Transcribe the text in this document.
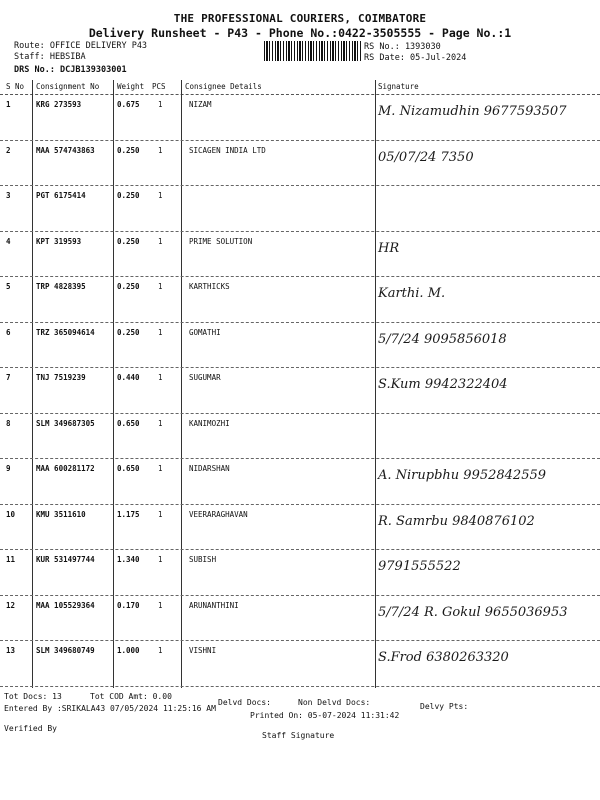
THE PROFESSIONAL COURIERS, COIMBATORE
Delivery Runsheet - P43 - Phone No.:0422-3505555 - Page No.:1
Route: OFFICE DELIVERY P43
Staff: HEBSIBA
DRS No.: DCJB139303001
RS No.: 1393030
RS Date: 05-Jul-2024
S No Consignment No Weight PCS	Consignee Details	Signature
1	KRG 273593	0.675 1	NIZAM	M. Nizamudhin 9677593507
2	MAA 574743863	0.250 1	SICAGEN INDIA LTD	05/07/24 7350
3	PGT 6175414	0.250 1
4	KPT 319593	0.250 1	PRIME SOLUTION	HR
5	TRP 4828395	0.250 1	KARTHICKS	Karthi. M.
6	TRZ 365094614	0.250 1	GOMATHI	5/7/24 9095856018
7	TNJ 7519239	0.440 1	SUGUMAR	S.Kum 9942322404
8	SLM 349687305	0.650 1	KANIMOZHI
9	MAA 600281172	0.650 1	NIDARSHAN	A. Nirupbhu 9952842559
10	KMU 3511610	1.175 1	VEERARAGHAVAN	R. Samrbu 9840876102
11	KUR 531497744	1.340 1	SUBISH	9791555522
12	MAA 105529364	0.170 1	ARUNANTHINI	5/7/24 R. Gokul 9655036953
13	SLM 349680749	1.000 1	VISHNI	S.Frod 6380263320
Tot Docs: 13	Tot COD Amt: 0.00
Delvd Docs:	Non Delvd Docs:	Delvy Pts:
Entered By :SRIKALA43 07/05/2024 11:25:16 AM
Printed On: 05-07-2024 11:31:42
Verified By
Staff Signature
